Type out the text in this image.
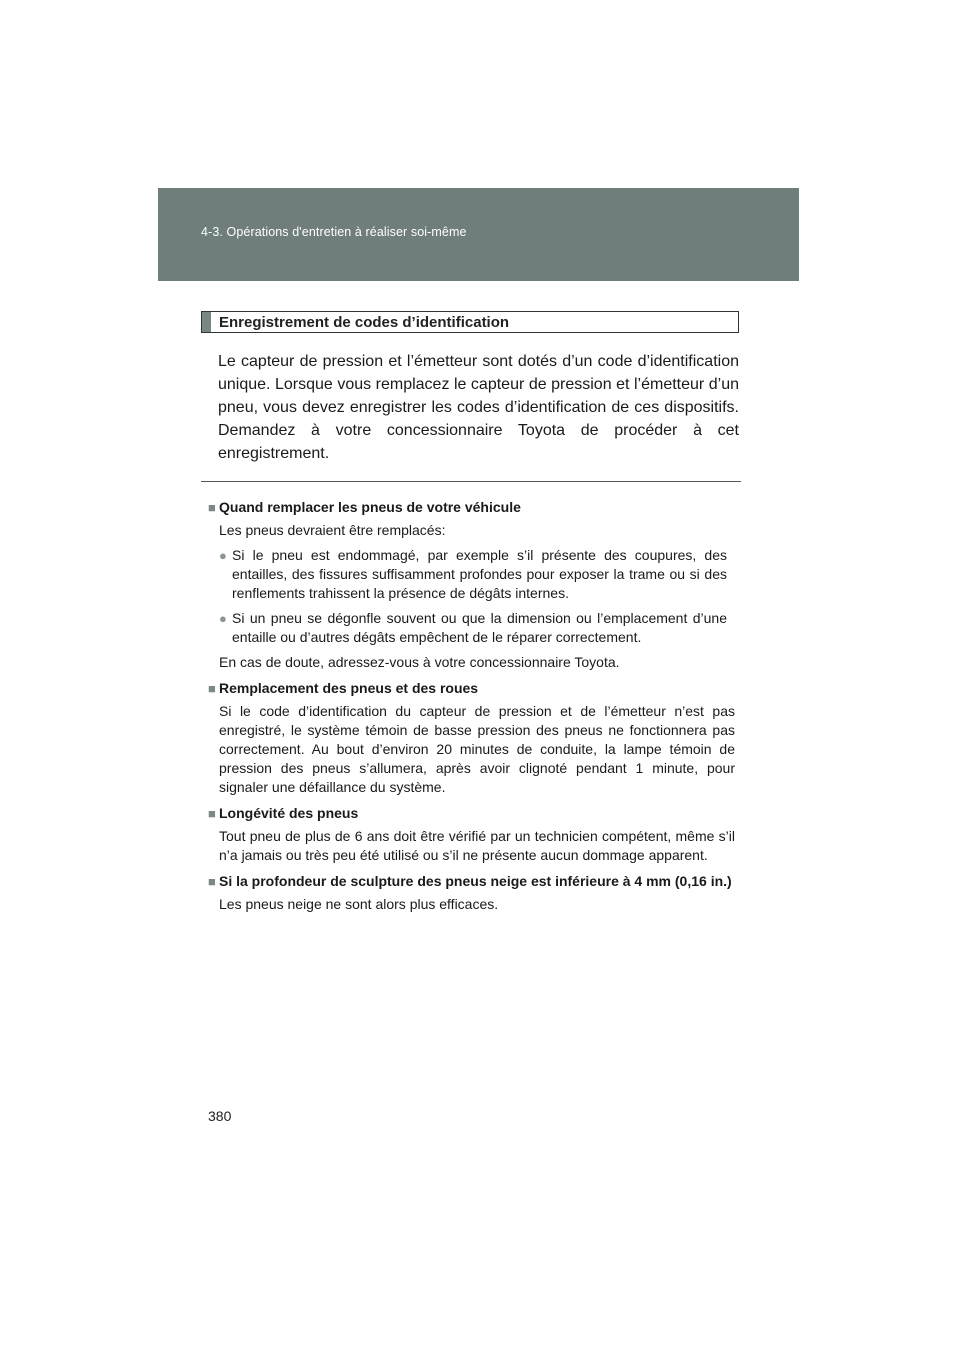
4-3. Opérations d'entretien à réaliser soi-même
Enregistrement de codes d’identification

Le capteur de pression et l’émetteur sont dotés d’un code d’identification unique. Lorsque vous remplacez le capteur de pression et l’émetteur d’un pneu, vous devez enregistrer les codes d’identification de ces dispositifs. Demandez à votre concessionnaire Toyota de procéder à cet enregistrement.

■ Quand remplacer les pneus de votre véhicule
Les pneus devraient être remplacés:
● Si le pneu est endommagé, par exemple s’il présente des coupures, des entailles, des fissures suffisamment profondes pour exposer la trame ou si des renflements trahissent la présence de dégâts internes.
● Si un pneu se dégonfle souvent ou que la dimension ou l’emplacement d’une entaille ou d’autres dégâts empêchent de le réparer correctement.
En cas de doute, adressez-vous à votre concessionnaire Toyota.
■ Remplacement des pneus et des roues
Si le code d’identification du capteur de pression et de l’émetteur n’est pas enregistré, le système témoin de basse pression des pneus ne fonctionnera pas correctement. Au bout d’environ 20 minutes de conduite, la lampe témoin de pression des pneus s’allumera, après avoir clignoté pendant 1 minute, pour signaler une défaillance du système.
■ Longévité des pneus
Tout pneu de plus de 6 ans doit être vérifié par un technicien compétent, même s’il n’a jamais ou très peu été utilisé ou s’il ne présente aucun dommage apparent.
■ Si la profondeur de sculpture des pneus neige est inférieure à 4 mm (0,16 in.)
Les pneus neige ne sont alors plus efficaces.
380
